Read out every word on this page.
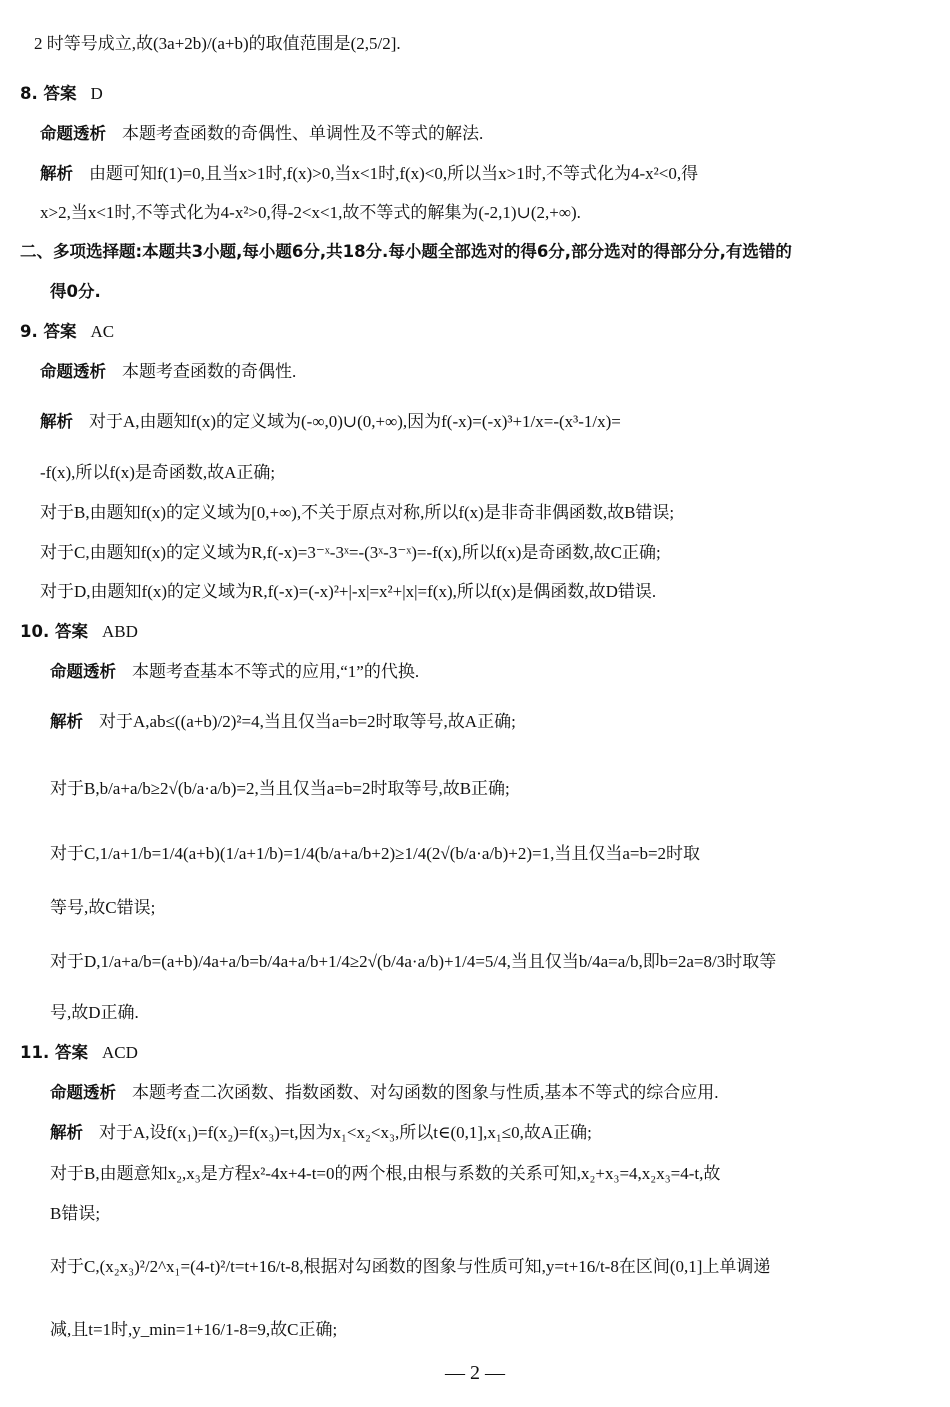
2 时等号成立,故(3a+2b)/(a+b)的取值范围是(2,5/2].
8. 答案 D
命题透析 本题考查函数的奇偶性、单调性及不等式的解法.
解析 由题可知f(1)=0,且当x>1时,f(x)>0,当x<1时,f(x)<0,所以当x>1时,不等式化为4-x²<0,得
x>2,当x<1时,不等式化为4-x²>0,得-2<x<1,故不等式的解集为(-2,1)∪(2,+∞).
二、多项选择题:本题共3小题,每小题6分,共18分.每小题全部选对的得6分,部分选对的得部分分,有选错的
得0分.
9. 答案 AC
命题透析 本题考查函数的奇偶性.
解析 对于A,由题知f(x)的定义域为(-∞,0)∪(0,+∞),因为f(-x)=(-x)³+1/x=-(x³-1/x)=
-f(x),所以f(x)是奇函数,故A正确;
对于B,由题知f(x)的定义域为[0,+∞),不关于原点对称,所以f(x)是非奇非偶函数,故B错误;
对于C,由题知f(x)的定义域为R,f(-x)=3⁻ˣ-3ˣ=-(3ˣ-3⁻ˣ)=-f(x),所以f(x)是奇函数,故C正确;
对于D,由题知f(x)的定义域为R,f(-x)=(-x)²+|-x|=x²+|x|=f(x),所以f(x)是偶函数,故D错误.
10. 答案 ABD
命题透析 本题考查基本不等式的应用,“1”的代换.
解析 对于A,ab≤((a+b)/2)²=4,当且仅当a=b=2时取等号,故A正确;
对于B,b/a+a/b≥2√(b/a·a/b)=2,当且仅当a=b=2时取等号,故B正确;
对于C,1/a+1/b=1/4(a+b)(1/a+1/b)=1/4(b/a+a/b+2)≥1/4(2√(b/a·a/b)+2)=1,当且仅当a=b=2时取
等号,故C错误;
对于D,1/a+a/b=(a+b)/4a+a/b=b/4a+a/b+1/4≥2√(b/4a·a/b)+1/4=5/4,当且仅当b/4a=a/b,即b=2a=8/3时取等
号,故D正确.
11. 答案 ACD
命题透析 本题考查二次函数、指数函数、对勾函数的图象与性质,基本不等式的综合应用.
解析 对于A,设f(x₁)=f(x₂)=f(x₃)=t,因为x₁<x₂<x₃,所以t∈(0,1],x₁≤0,故A正确;
对于B,由题意知x₂,x₃是方程x²-4x+4-t=0的两个根,由根与系数的关系可知,x₂+x₃=4,x₂x₃=4-t,故
B错误;
对于C,(x₂x₃)²/2^x₁=(4-t)²/t=t+16/t-8,根据对勾函数的图象与性质可知,y=t+16/t-8在区间(0,1]上单调递
减,且t=1时,y_min=1+16/1-8=9,故C正确;
— 2 —
